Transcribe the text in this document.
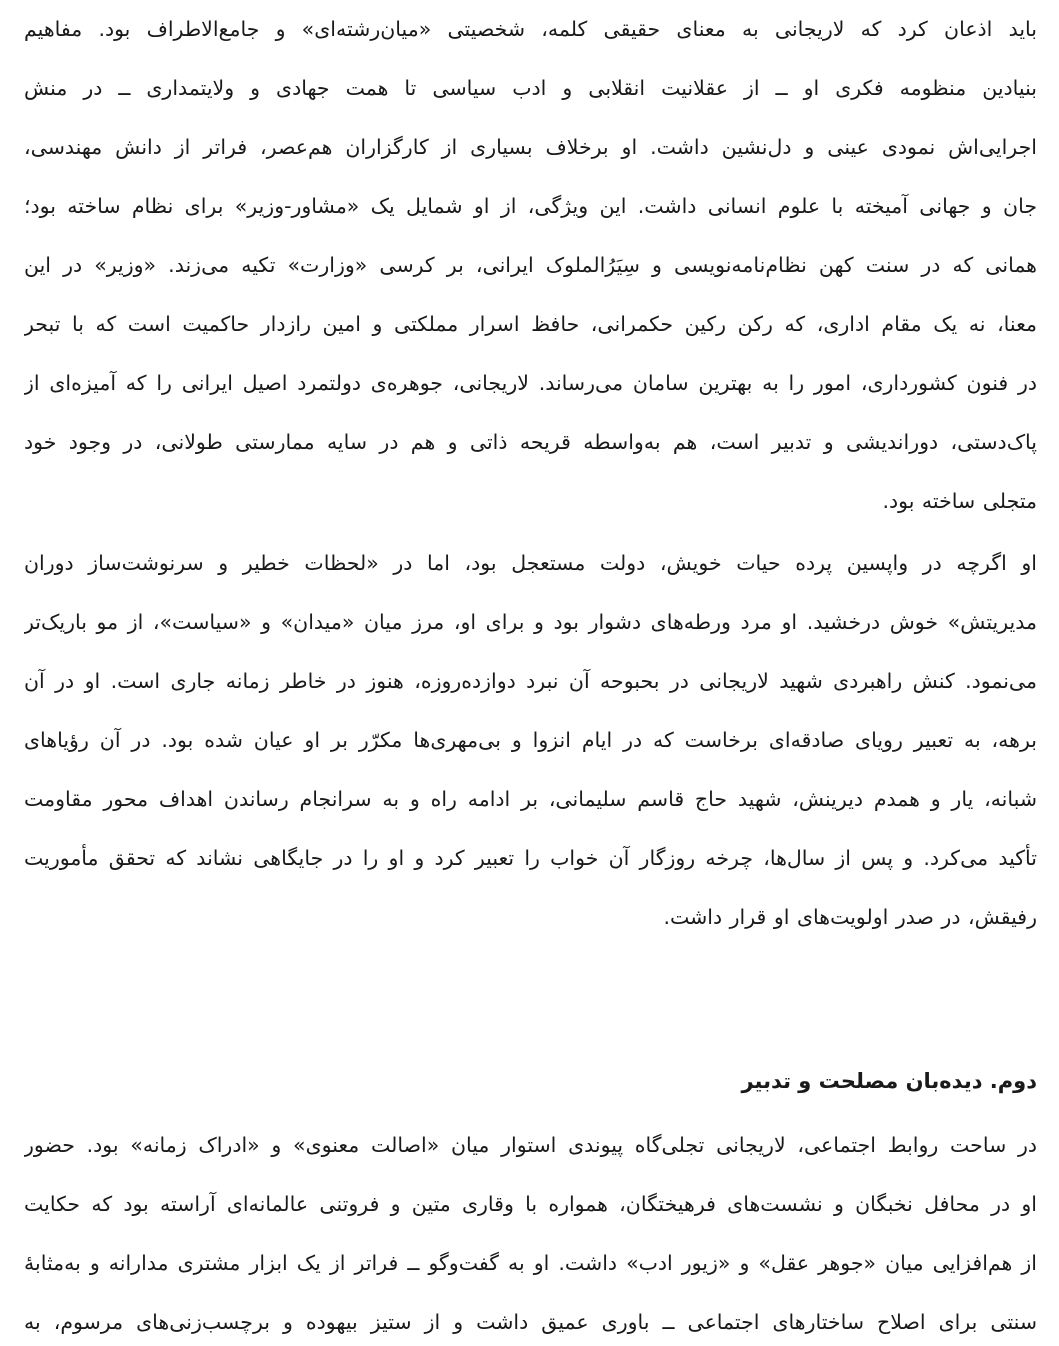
باید اذعان کرد که لاریجانی به معنای حقیقی کلمه، شخصیتی «میان‌رشته‌ای» و جامع‌الاطراف بود. مفاهیم
بنیادین منظومه فکری او ــ از عقلانیت انقلابی و ادب سیاسی تا همت جهادی و ولایتمداری ــ در منش
اجرایی‌اش نمودی عینی و دل‌نشین داشت. او برخلاف بسیاری از کارگزاران هم‌عصر، فراتر از دانش مهندسی،
جان و جهانی آمیخته با علوم انسانی داشت. این ویژگی، از او شمایل یک «مشاور-وزیر» برای نظام ساخته بود؛
همانی که در سنت کهن نظام‌نامه‌نویسی و سِیَرُالملوک ایرانی، بر کرسی «وزارت» تکیه می‌زند. «وزیر» در این
معنا، نه یک مقام اداری، که رکن رکین حکمرانی، حافظ اسرار مملکتی و امین رازدار حاکمیت است که با تبحر
در فنون کشورداری، امور را به بهترین سامان می‌رساند. لاریجانی، جوهره‌ی دولتمرد اصیل ایرانی را که آمیزه‌ای از
پاک‌دستی، دوراندیشی و تدبیر است، هم به‌واسطه قریحه ذاتی و هم در سایه ممارستی طولانی، در وجود خود
متجلی ساخته بود.
او اگرچه در واپسین پرده حیات خویش، دولت مستعجل بود، اما در «لحظات خطیر و سرنوشت‌ساز دوران
مدیریتش» خوش درخشید. او مرد ورطه‌های دشوار بود و برای او، مرز میان «میدان» و «سیاست»، از مو باریک‌تر
می‌نمود. کنش راهبردی شهید لاریجانی در بحبوحه آن نبرد دوازده‌روزه، هنوز در خاطر زمانه جاری است. او در آن
برهه، به تعبیر رویای صادقه‌ای برخاست که در ایام انزوا و بی‌مهری‌ها مکرّر بر او عیان شده بود. در آن رؤیاهای
شبانه، یار و همدم دیرینش، شهید حاج قاسم سلیمانی، بر ادامه راه و به سرانجام رساندن اهداف محور مقاومت
تأکید می‌کرد. و پس از سال‌ها، چرخه روزگار آن خواب را تعبیر کرد و او را در جایگاهی نشاند که تحقق مأموریت
رفیقش، در صدر اولویت‌های او قرار داشت.
دوم. دیده‌بان مصلحت و تدبیر
در ساحت روابط اجتماعی، لاریجانی تجلی‌گاه پیوندی استوار میان «اصالت معنوی» و «ادراک زمانه» بود. حضور
او در محافل نخبگان و نشست‌های فرهیختگان، همواره با وقاری متین و فروتنی عالمانه‌ای آراسته بود که حکایت
از هم‌افزایی میان «جوهر عقل» و «زیور ادب» داشت. او به گفت‌وگو ــ فراتر از یک ابزار مشتری مدارانه و به‌مثابهٔ
سنتی برای اصلاح ساختارهای اجتماعی ــ باوری عمیق داشت و از ستیز بیهوده و برچسب‌زنی‌های مرسوم، به
